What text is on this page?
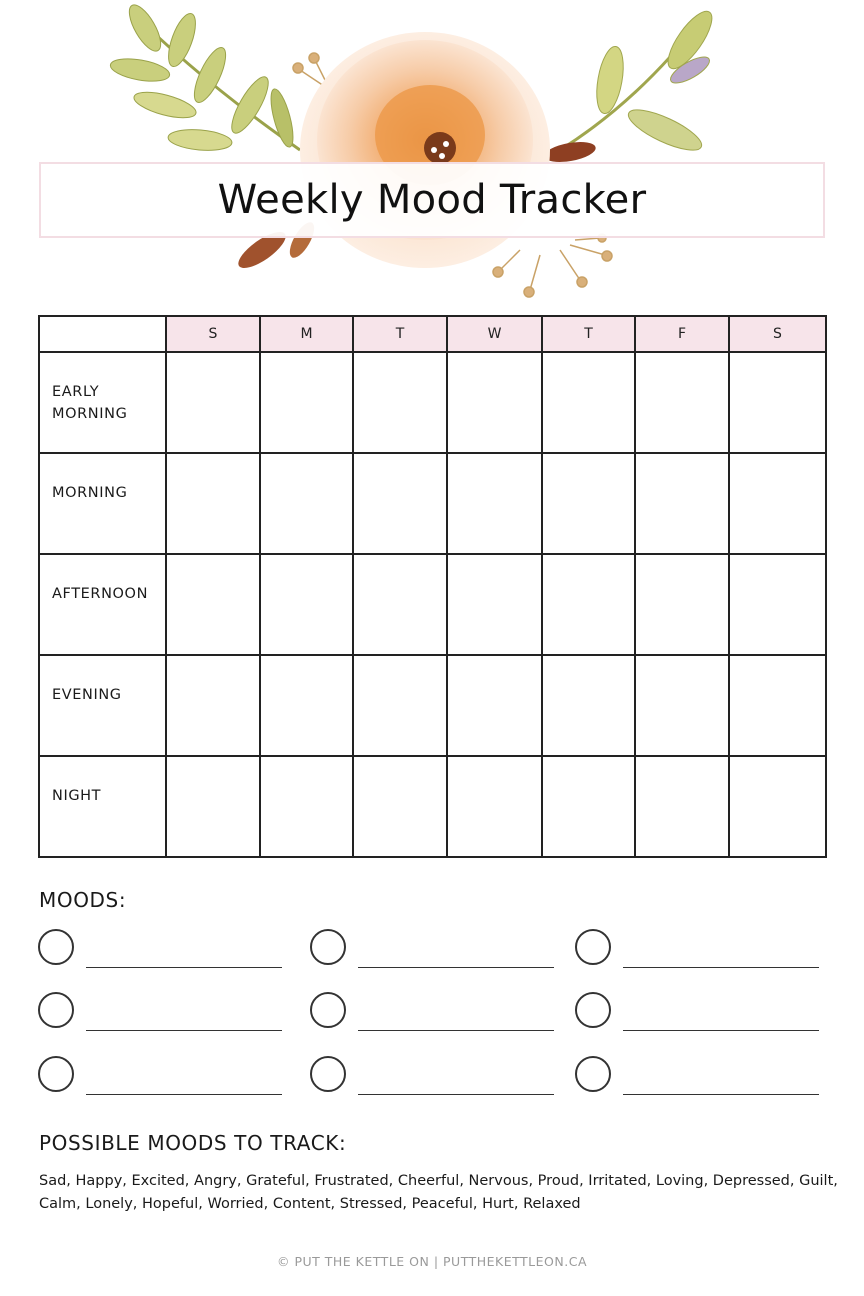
Weekly Mood Tracker
	S	M	T	W	T	F	S
EARLY MORNING							
MORNING							
AFTERNOON							
EVENING							
NIGHT							
MOODS:
POSSIBLE MOODS TO TRACK:

Sad, Happy, Excited, Angry, Grateful, Frustrated, Cheerful, Nervous, Proud, Irritated, Loving, Depressed, Guilt, Calm, Lonely, Hopeful, Worried, Content, Stressed, Peaceful, Hurt, Relaxed

© PUT THE KETTLE ON | PUTTHEKETTLEON.CA
